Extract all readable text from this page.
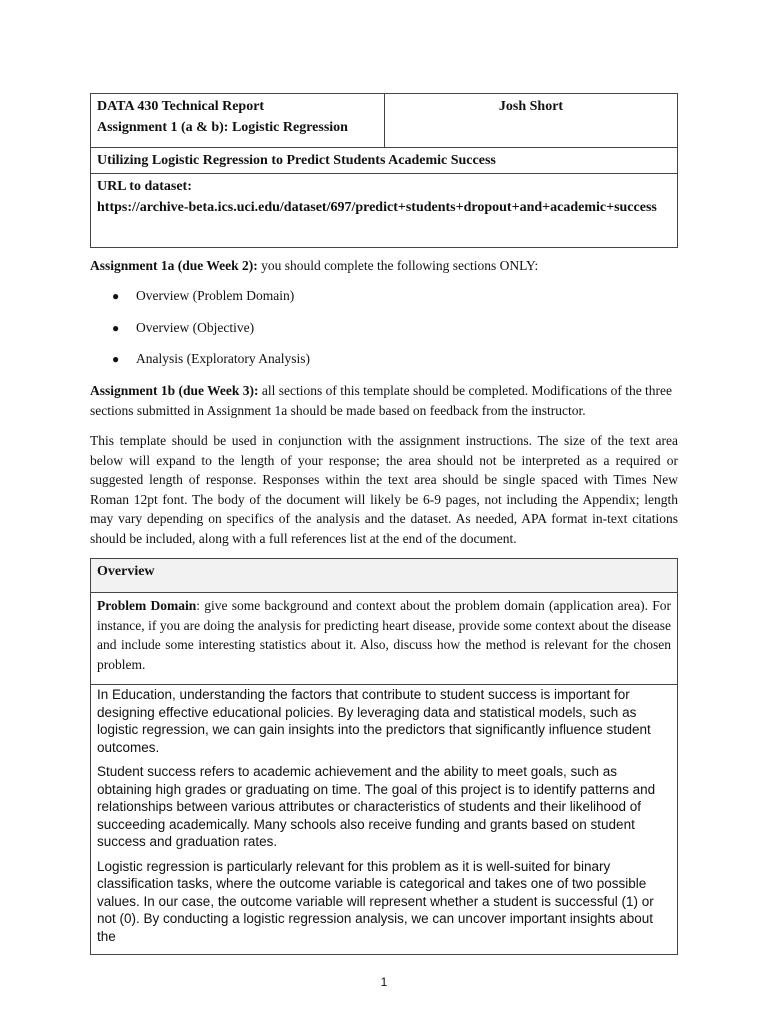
DATA 430 Technical Report
Assignment 1 (a & b): Logistic Regression

Josh Short

Utilizing Logistic Regression to Predict Students Academic Success

URL to dataset:
https://archive-beta.ics.uci.edu/dataset/697/predict+students+dropout+and+academic+success
Assignment 1a (due Week 2): you should complete the following sections ONLY:
● Overview (Problem Domain)
● Overview (Objective)
● Analysis (Exploratory Analysis)
Assignment 1b (due Week 3): all sections of this template should be completed. Modifications of the three sections submitted in Assignment 1a should be made based on feedback from the instructor.
This template should be used in conjunction with the assignment instructions. The size of the text area below will expand to the length of your response; the area should not be interpreted as a required or suggested length of response. Responses within the text area should be single spaced with Times New Roman 12pt font. The body of the document will likely be 6-9 pages, not including the Appendix; length may vary depending on specifics of the analysis and the dataset. As needed, APA format in-text citations should be included, along with a full references list at the end of the document.
Overview
Problem Domain: give some background and context about the problem domain (application area). For instance, if you are doing the analysis for predicting heart disease, provide some context about the disease and include some interesting statistics about it. Also, discuss how the method is relevant for the chosen problem.

In Education, understanding the factors that contribute to student success is important for designing effective educational policies. By leveraging data and statistical models, such as logistic regression, we can gain insights into the predictors that significantly influence student outcomes.

Student success refers to academic achievement and the ability to meet goals, such as obtaining high grades or graduating on time. The goal of this project is to identify patterns and relationships between various attributes or characteristics of students and their likelihood of succeeding academically. Many schools also receive funding and grants based on student success and graduation rates.

Logistic regression is particularly relevant for this problem as it is well-suited for binary classification tasks, where the outcome variable is categorical and takes one of two possible values. In our case, the outcome variable will represent whether a student is successful (1) or not (0). By conducting a logistic regression analysis, we can uncover important insights about the

1
